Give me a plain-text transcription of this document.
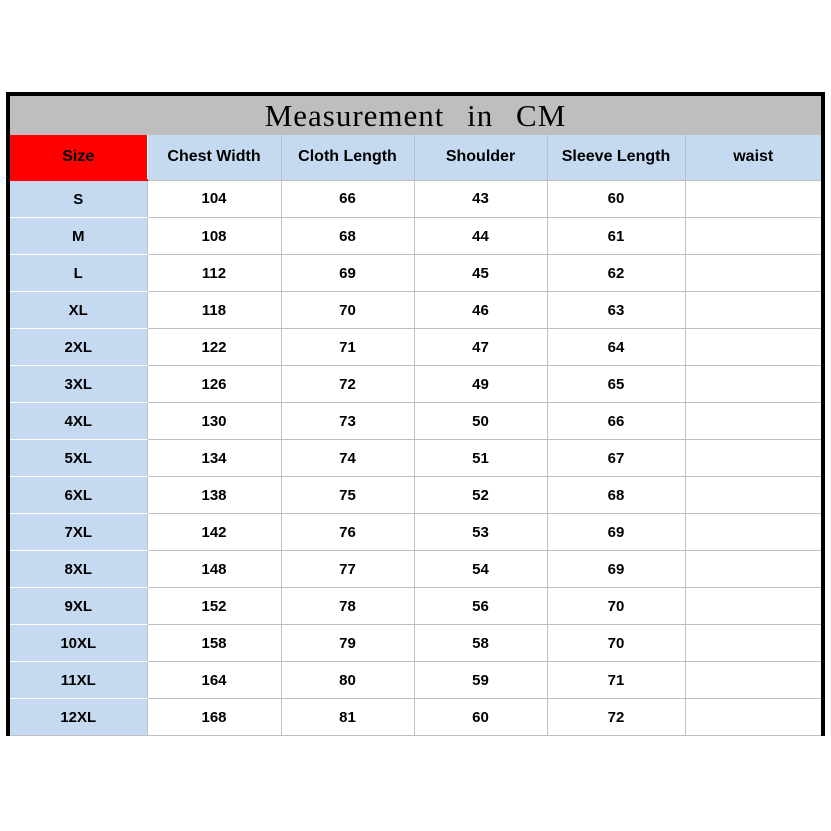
Measurement in CM
Size	Chest Width	Cloth Length	Shoulder	Sleeve Length	waist
S	104	66	43	60	
M	108	68	44	61	
L	112	69	45	62	
XL	118	70	46	63	
2XL	122	71	47	64	
3XL	126	72	49	65	
4XL	130	73	50	66	
5XL	134	74	51	67	
6XL	138	75	52	68	
7XL	142	76	53	69	
8XL	148	77	54	69	
9XL	152	78	56	70	
10XL	158	79	58	70	
11XL	164	80	59	71	
12XL	168	81	60	72	
